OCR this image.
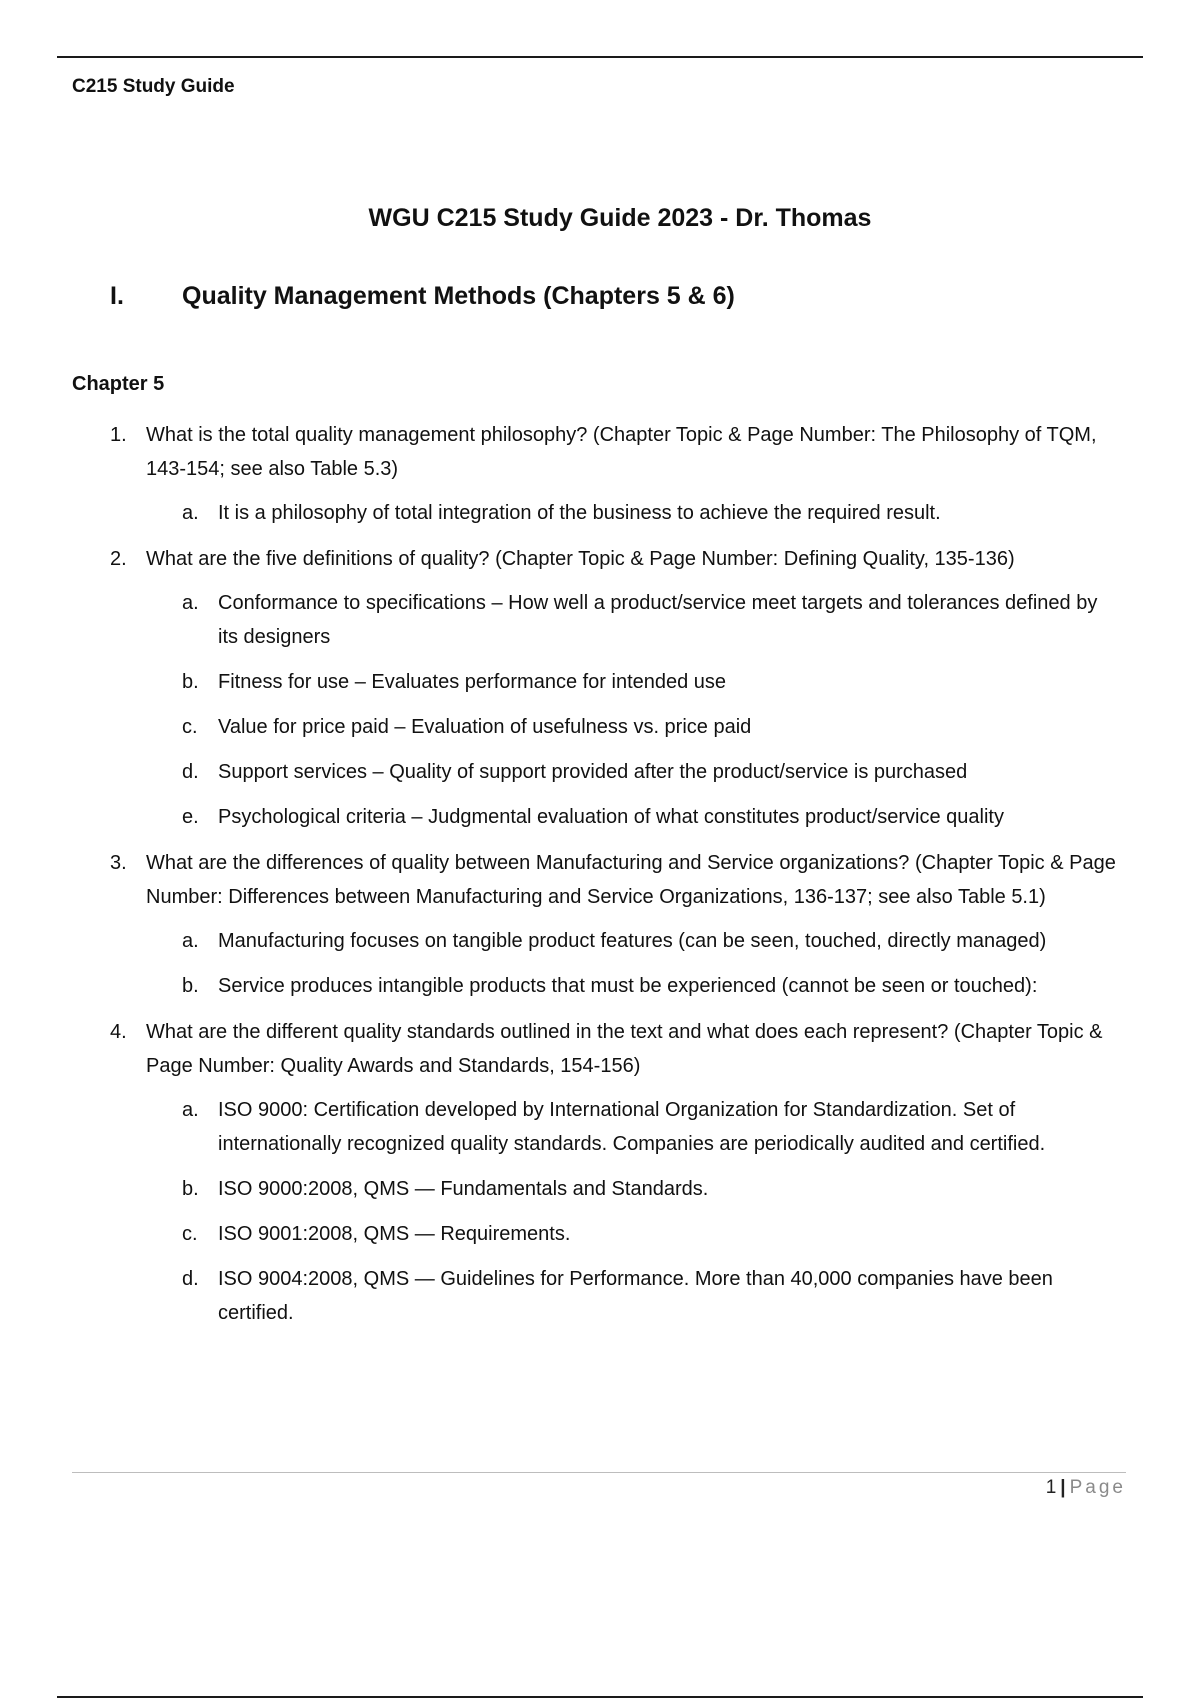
C215 Study Guide
WGU C215 Study Guide 2023 - Dr. Thomas
I.	Quality Management Methods (Chapters 5 & 6)
Chapter 5
1. What is the total quality management philosophy? (Chapter Topic & Page Number: The Philosophy of TQM, 143-154; see also Table 5.3)
a. It is a philosophy of total integration of the business to achieve the required result.
2. What are the five definitions of quality? (Chapter Topic & Page Number: Defining Quality, 135-136)
a. Conformance to specifications – How well a product/service meet targets and tolerances defined by its designers
b. Fitness for use – Evaluates performance for intended use
c.	Value for price paid – Evaluation of usefulness vs. price paid
d. Support services – Quality of support provided after the product/service is purchased
e. Psychological criteria – Judgmental evaluation of what constitutes product/service quality
3. What are the differences of quality between Manufacturing and Service organizations? (Chapter Topic & Page Number: Differences between Manufacturing and Service Organizations, 136-137; see also Table 5.1)
a. Manufacturing focuses on tangible product features (can be seen, touched, directly managed)
b. Service produces intangible products that must be experienced (cannot be seen or touched):
4. What are the different quality standards outlined in the text and what does each represent? (Chapter Topic & Page Number: Quality Awards and Standards, 154-156)
a. ISO 9000: Certification developed by International Organization for Standardization. Set of internationally recognized quality standards. Companies are periodically audited and certified.
b. ISO 9000:2008, QMS — Fundamentals and Standards.
c.	ISO 9001:2008, QMS — Requirements.
d. ISO 9004:2008, QMS — Guidelines for Performance. More than 40,000 companies have been certified.
1 | Page
